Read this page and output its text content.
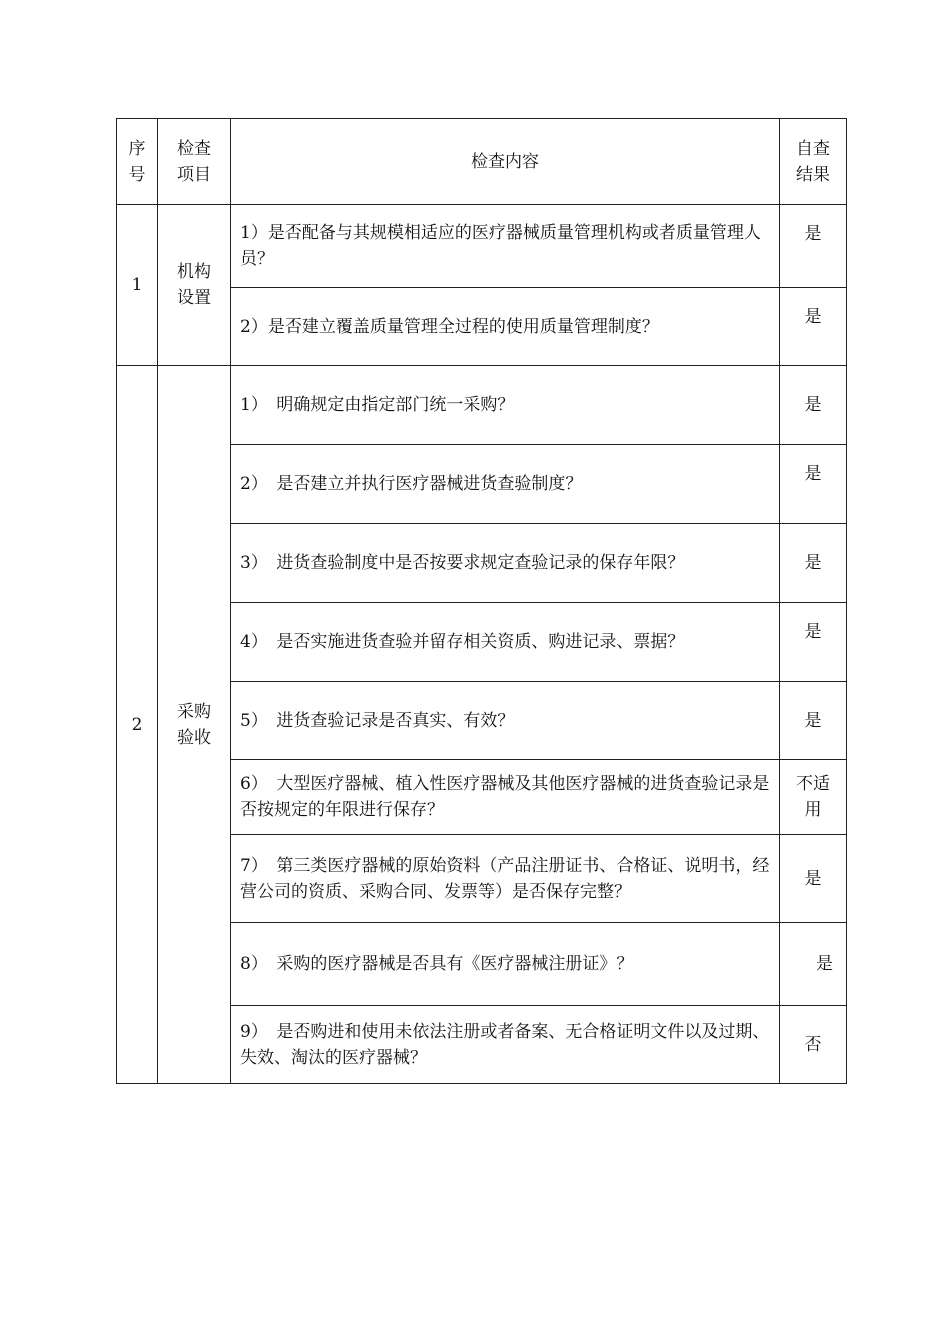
序号	检查项目	检查内容	自查结果
1	机构设置	1）是否配备与其规模相适应的医疗器械质量管理机构或者质量管理人员？	是
		2）是否建立覆盖质量管理全过程的使用质量管理制度？	是
2	采购验收	1）　明确规定由指定部门统一采购？	是
		2）　是否建立并执行医疗器械进货查验制度？	是
		3）　进货查验制度中是否按要求规定查验记录的保存年限？	是
		4）　是否实施进货查验并留存相关资质、购进记录、票据？	是
		5）　进货查验记录是否真实、有效？	是
		6）　大型医疗器械、植入性医疗器械及其他医疗器械的进货查验记录是否按规定的年限进行保存？	不适用
		7）　第三类医疗器械的原始资料（产品注册证书、合格证、说明书，经营公司的资质、采购合同、发票等）是否保存完整？	是
		8）　采购的医疗器械是否具有《医疗器械注册证》？	是
		9）　是否购进和使用未依法注册或者备案、无合格证明文件以及过期、失效、淘汰的医疗器械？	否
